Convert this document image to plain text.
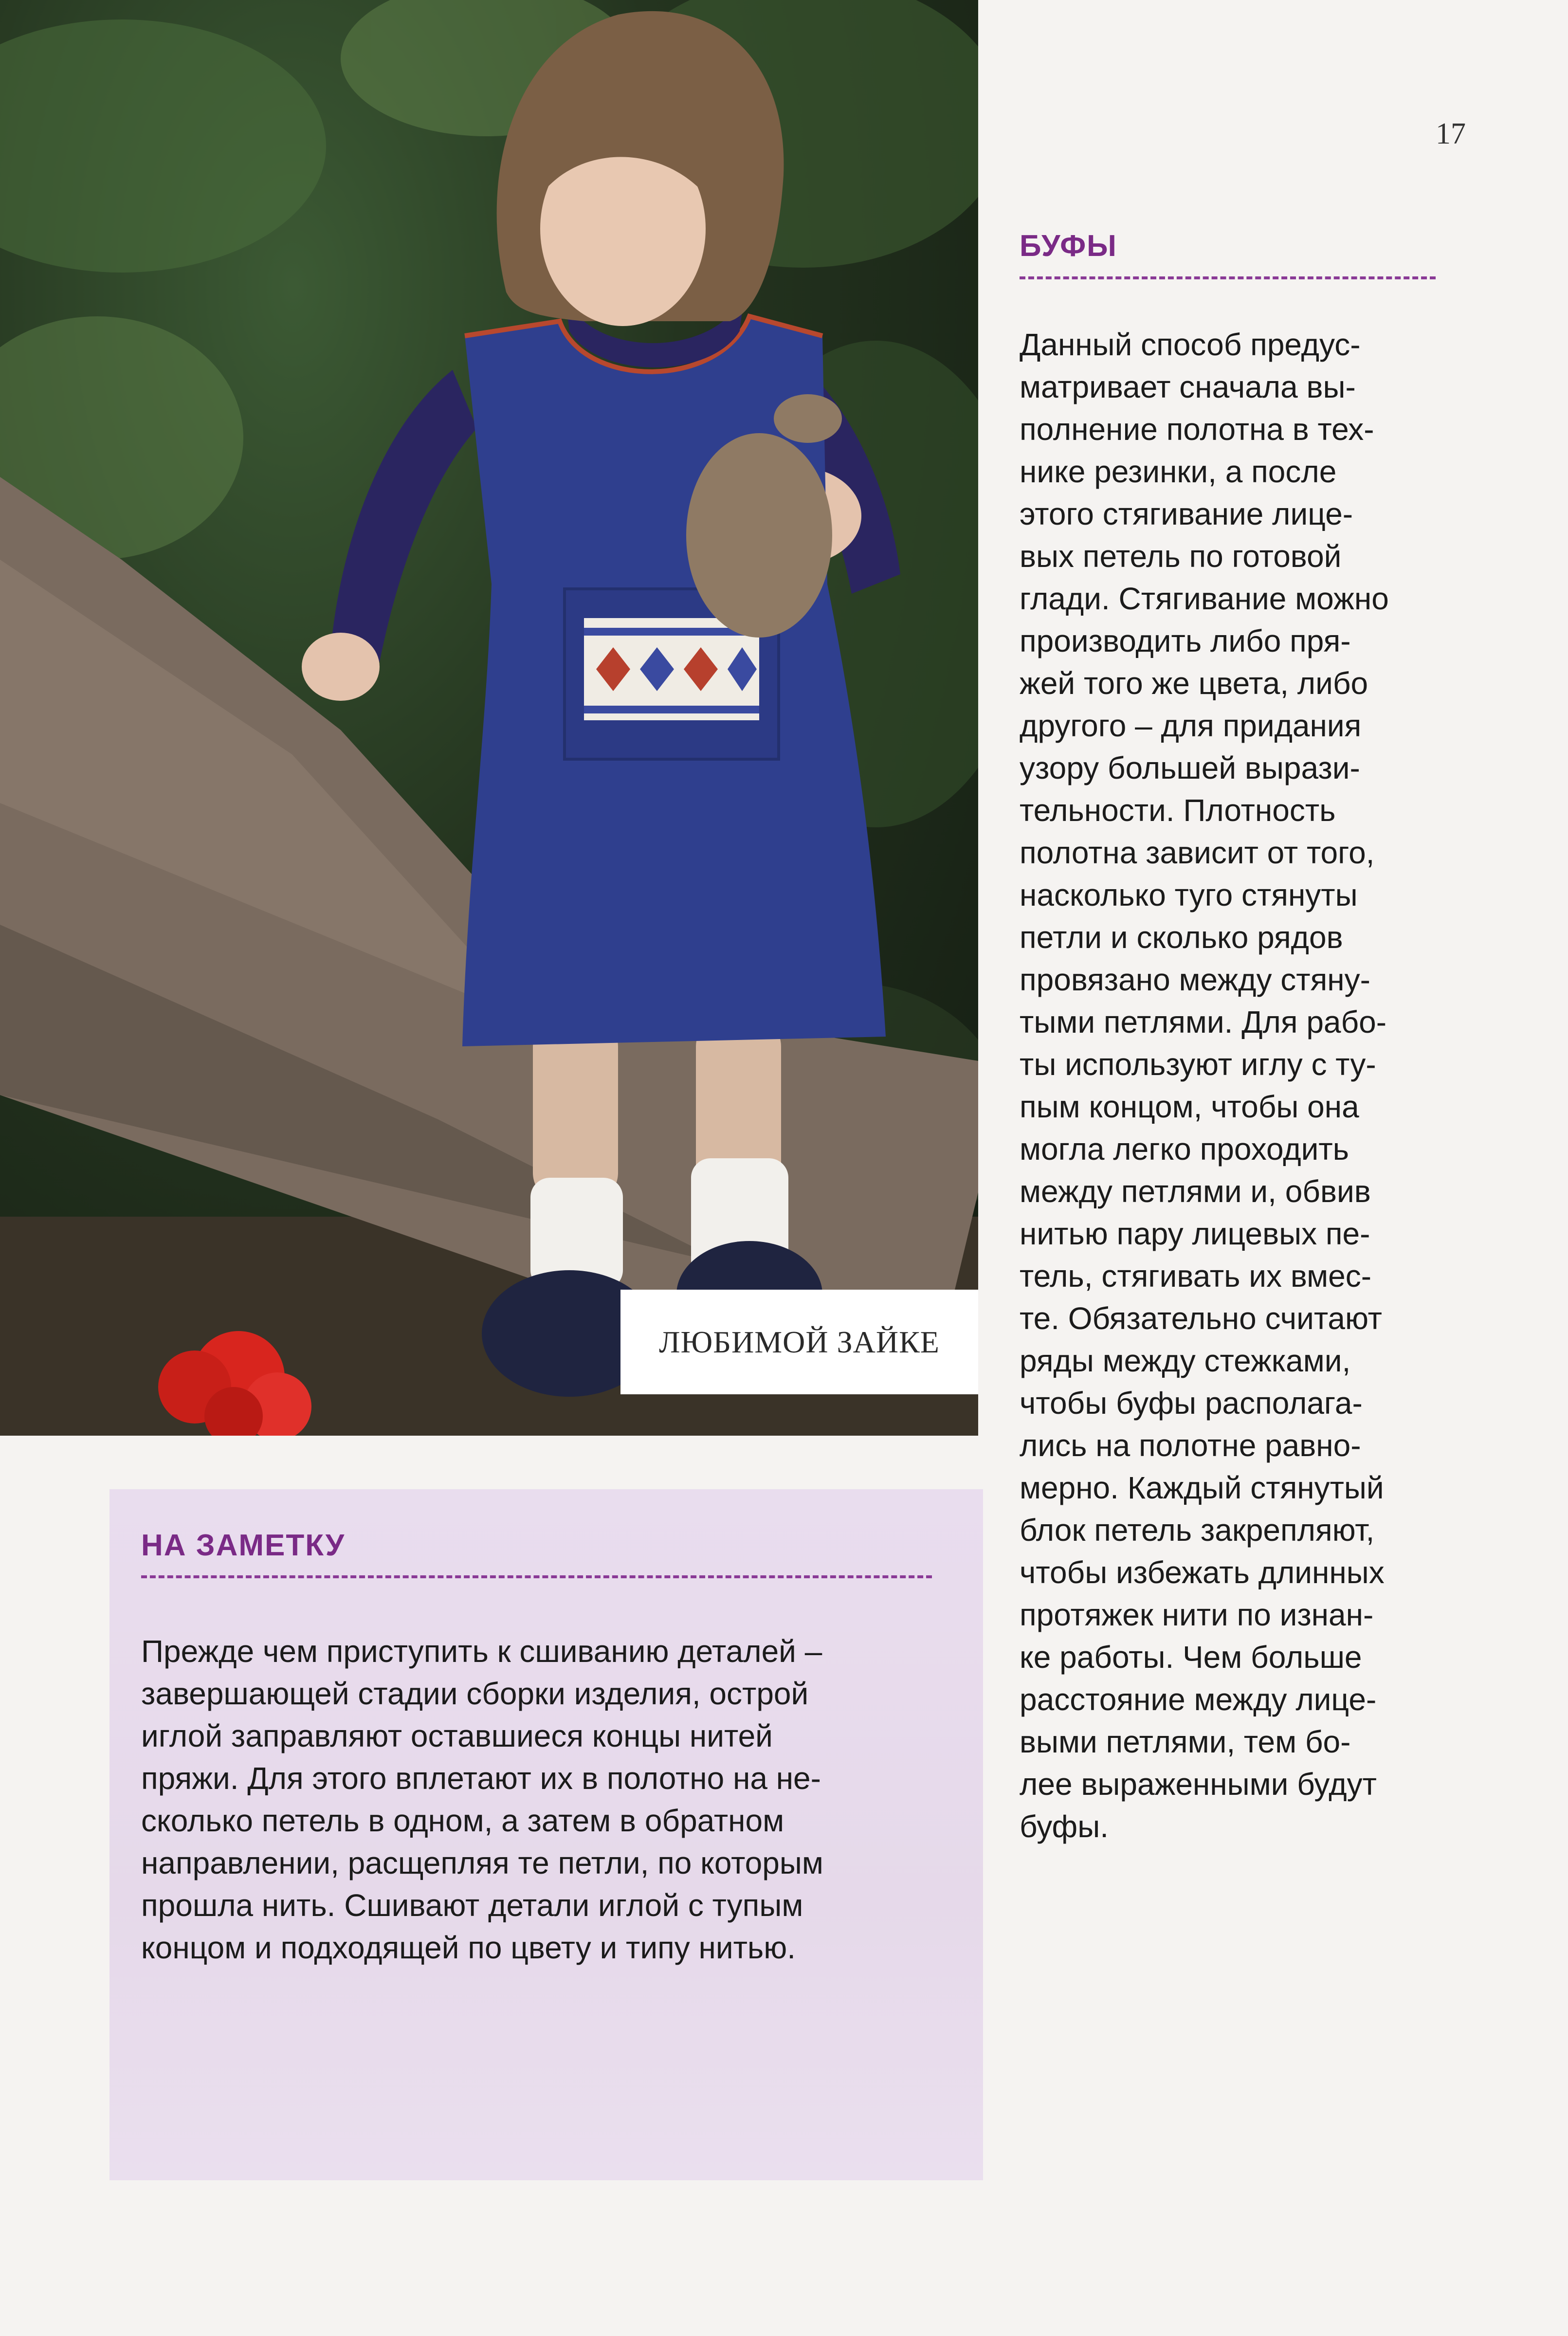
ЛЮБИМОЙ ЗАЙКЕ
17
БУФЫ
Данный способ предус-
матривает сначала вы-
полнение полотна в тех-
нике резинки, а после
этого стягивание лице-
вых петель по готовой
глади. Стягивание можно
производить либо пря-
жей того же цвета, либо
другого – для придания
узору большей вырази-
тельности. Плотность
полотна зависит от того,
насколько туго стянуты
петли и сколько рядов
провязано между стяну-
тыми петлями. Для рабо-
ты используют иглу с ту-
пым концом, чтобы она
могла легко проходить
между петлями и, обвив
нитью пару лицевых пе-
тель, стягивать их вмес-
те. Обязательно считают
ряды между стежками,
чтобы буфы располага-
лись на полотне равно-
мерно. Каждый стянутый
блок петель закрепляют,
чтобы избежать длинных
протяжек нити по изнан-
ке работы. Чем больше
расстояние между лице-
выми петлями, тем бо-
лее выраженными будут
буфы.
НА ЗАМЕТКУ
Прежде чем приступить к сшиванию деталей –
завершающей стадии сборки изделия, острой
иглой заправляют оставшиеся концы нитей
пряжи. Для этого вплетают их в полотно на не-
сколько петель в одном, а затем в обратном
направлении, расщепляя те петли, по которым
прошла нить. Сшивают детали иглой с тупым
концом и подходящей по цвету и типу нитью.
